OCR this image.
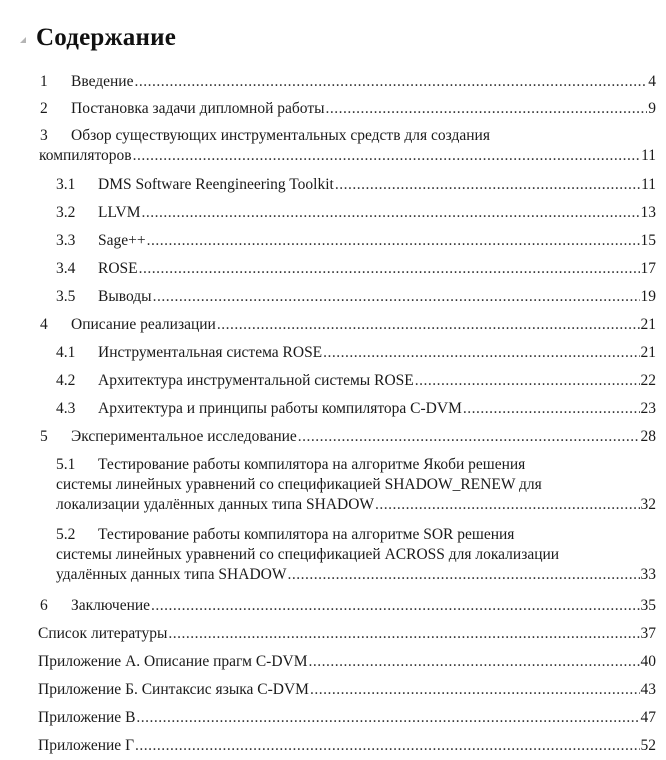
Содержание
1	Введение .....	4
2	Постановка задачи дипломной работы .....	9
3 Обзор существующих инструментальных средств для создания
компиляторов .....	11
3.1	DMS Software Reengineering Toolkit .....	11
3.2	LLVM .....	13
3.3	Sage++ .....	15
3.4	ROSE .....	17
3.5	Выводы .....	19
4	Описание реализации .....	21
4.1	Инструментальная система ROSE .....	21
4.2	Архитектура инструментальной системы ROSE .....	22
4.3	Архитектура и принципы работы компилятора C-DVM .....	23
5	Экспериментальное исследование .....	28
5.1 Тестирование работы компилятора на алгоритме Якоби решения
системы линейных уравнений со спецификацией SHADOW_RENEW для
локализации удалённых данных типа SHADOW .....	32
5.2 Тестирование работы компилятора на алгоритме SOR решения
системы линейных уравнений со спецификацией ACROSS для локализации
удалённых данных типа SHADOW .....	33
6	Заключение .....	35
Список литературы .....	37
Приложение А. Описание прагм C-DVM .....	40
Приложение Б. Синтаксис языка C-DVM .....	43
Приложение В .....	47
Приложение Г .....	52
